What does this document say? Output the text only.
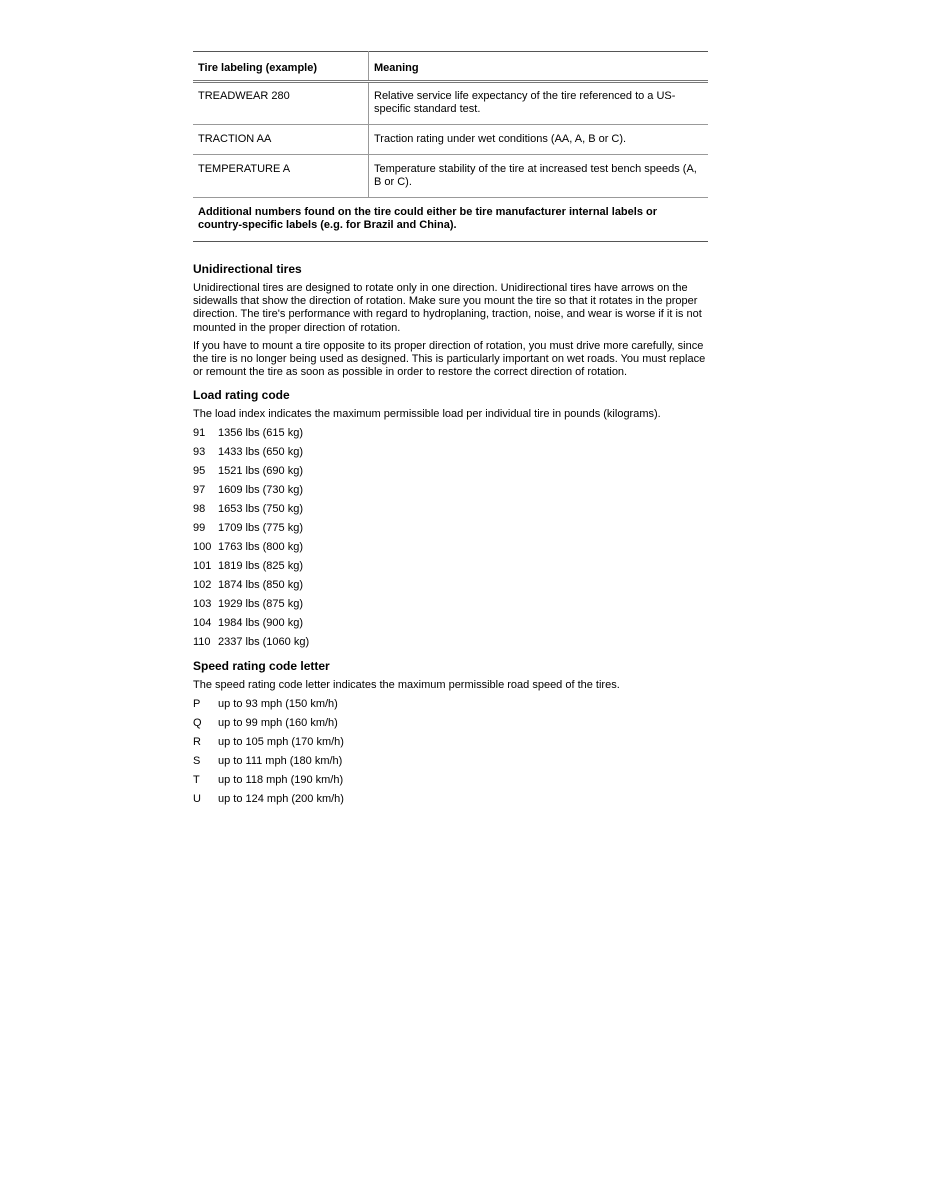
Tire labeling (example)	Meaning
TREADWEAR 280	Relative service life expectancy of the tire referenced to a US-specific standard test.
TRACTION AA	Traction rating under wet conditions (AA, A, B or C).
TEMPERATURE A	Temperature stability of the tire at increased test bench speeds (A, B or C).
Additional numbers found on the tire could either be tire manufacturer internal labels or country-specific labels (e.g. for Brazil and China).	
Unidirectional tires

Unidirectional tires are designed to rotate only in one direction. Unidirectional tires have arrows on the sidewalls that show the direction of rotation. Make sure you mount the tire so that it rotates in the proper direction. The tire's performance with regard to hydroplaning, traction, noise, and wear is worse if it is not mounted in the proper direction of rotation.

If you have to mount a tire opposite to its proper direction of rotation, you must drive more carefully, since the tire is no longer being used as designed. This is particularly important on wet roads. You must replace or remount the tire as soon as possible in order to restore the correct direction of rotation.

Load rating code

The load index indicates the maximum permissible load per individual tire in pounds (kilograms).

91	1356 lbs (615 kg)
93	1433 lbs (650 kg)
95	1521 lbs (690 kg)
97	1609 lbs (730 kg)
98	1653 lbs (750 kg)
99	1709 lbs (775 kg)
100 1763 lbs (800 kg)
101 1819 lbs (825 kg)
102 1874 lbs (850 kg)
103 1929 lbs (875 kg)
104 1984 lbs (900 kg)
110 2337 lbs (1060 kg)
Speed rating code letter

The speed rating code letter indicates the maximum permissible road speed of the tires.

P	up to 93 mph (150 km/h)
Q	up to 99 mph (160 km/h)
R	up to 105 mph (170 km/h)
S	up to 111 mph (180 km/h)
T	up to 118 mph (190 km/h)
U	up to 124 mph (200 km/h)
